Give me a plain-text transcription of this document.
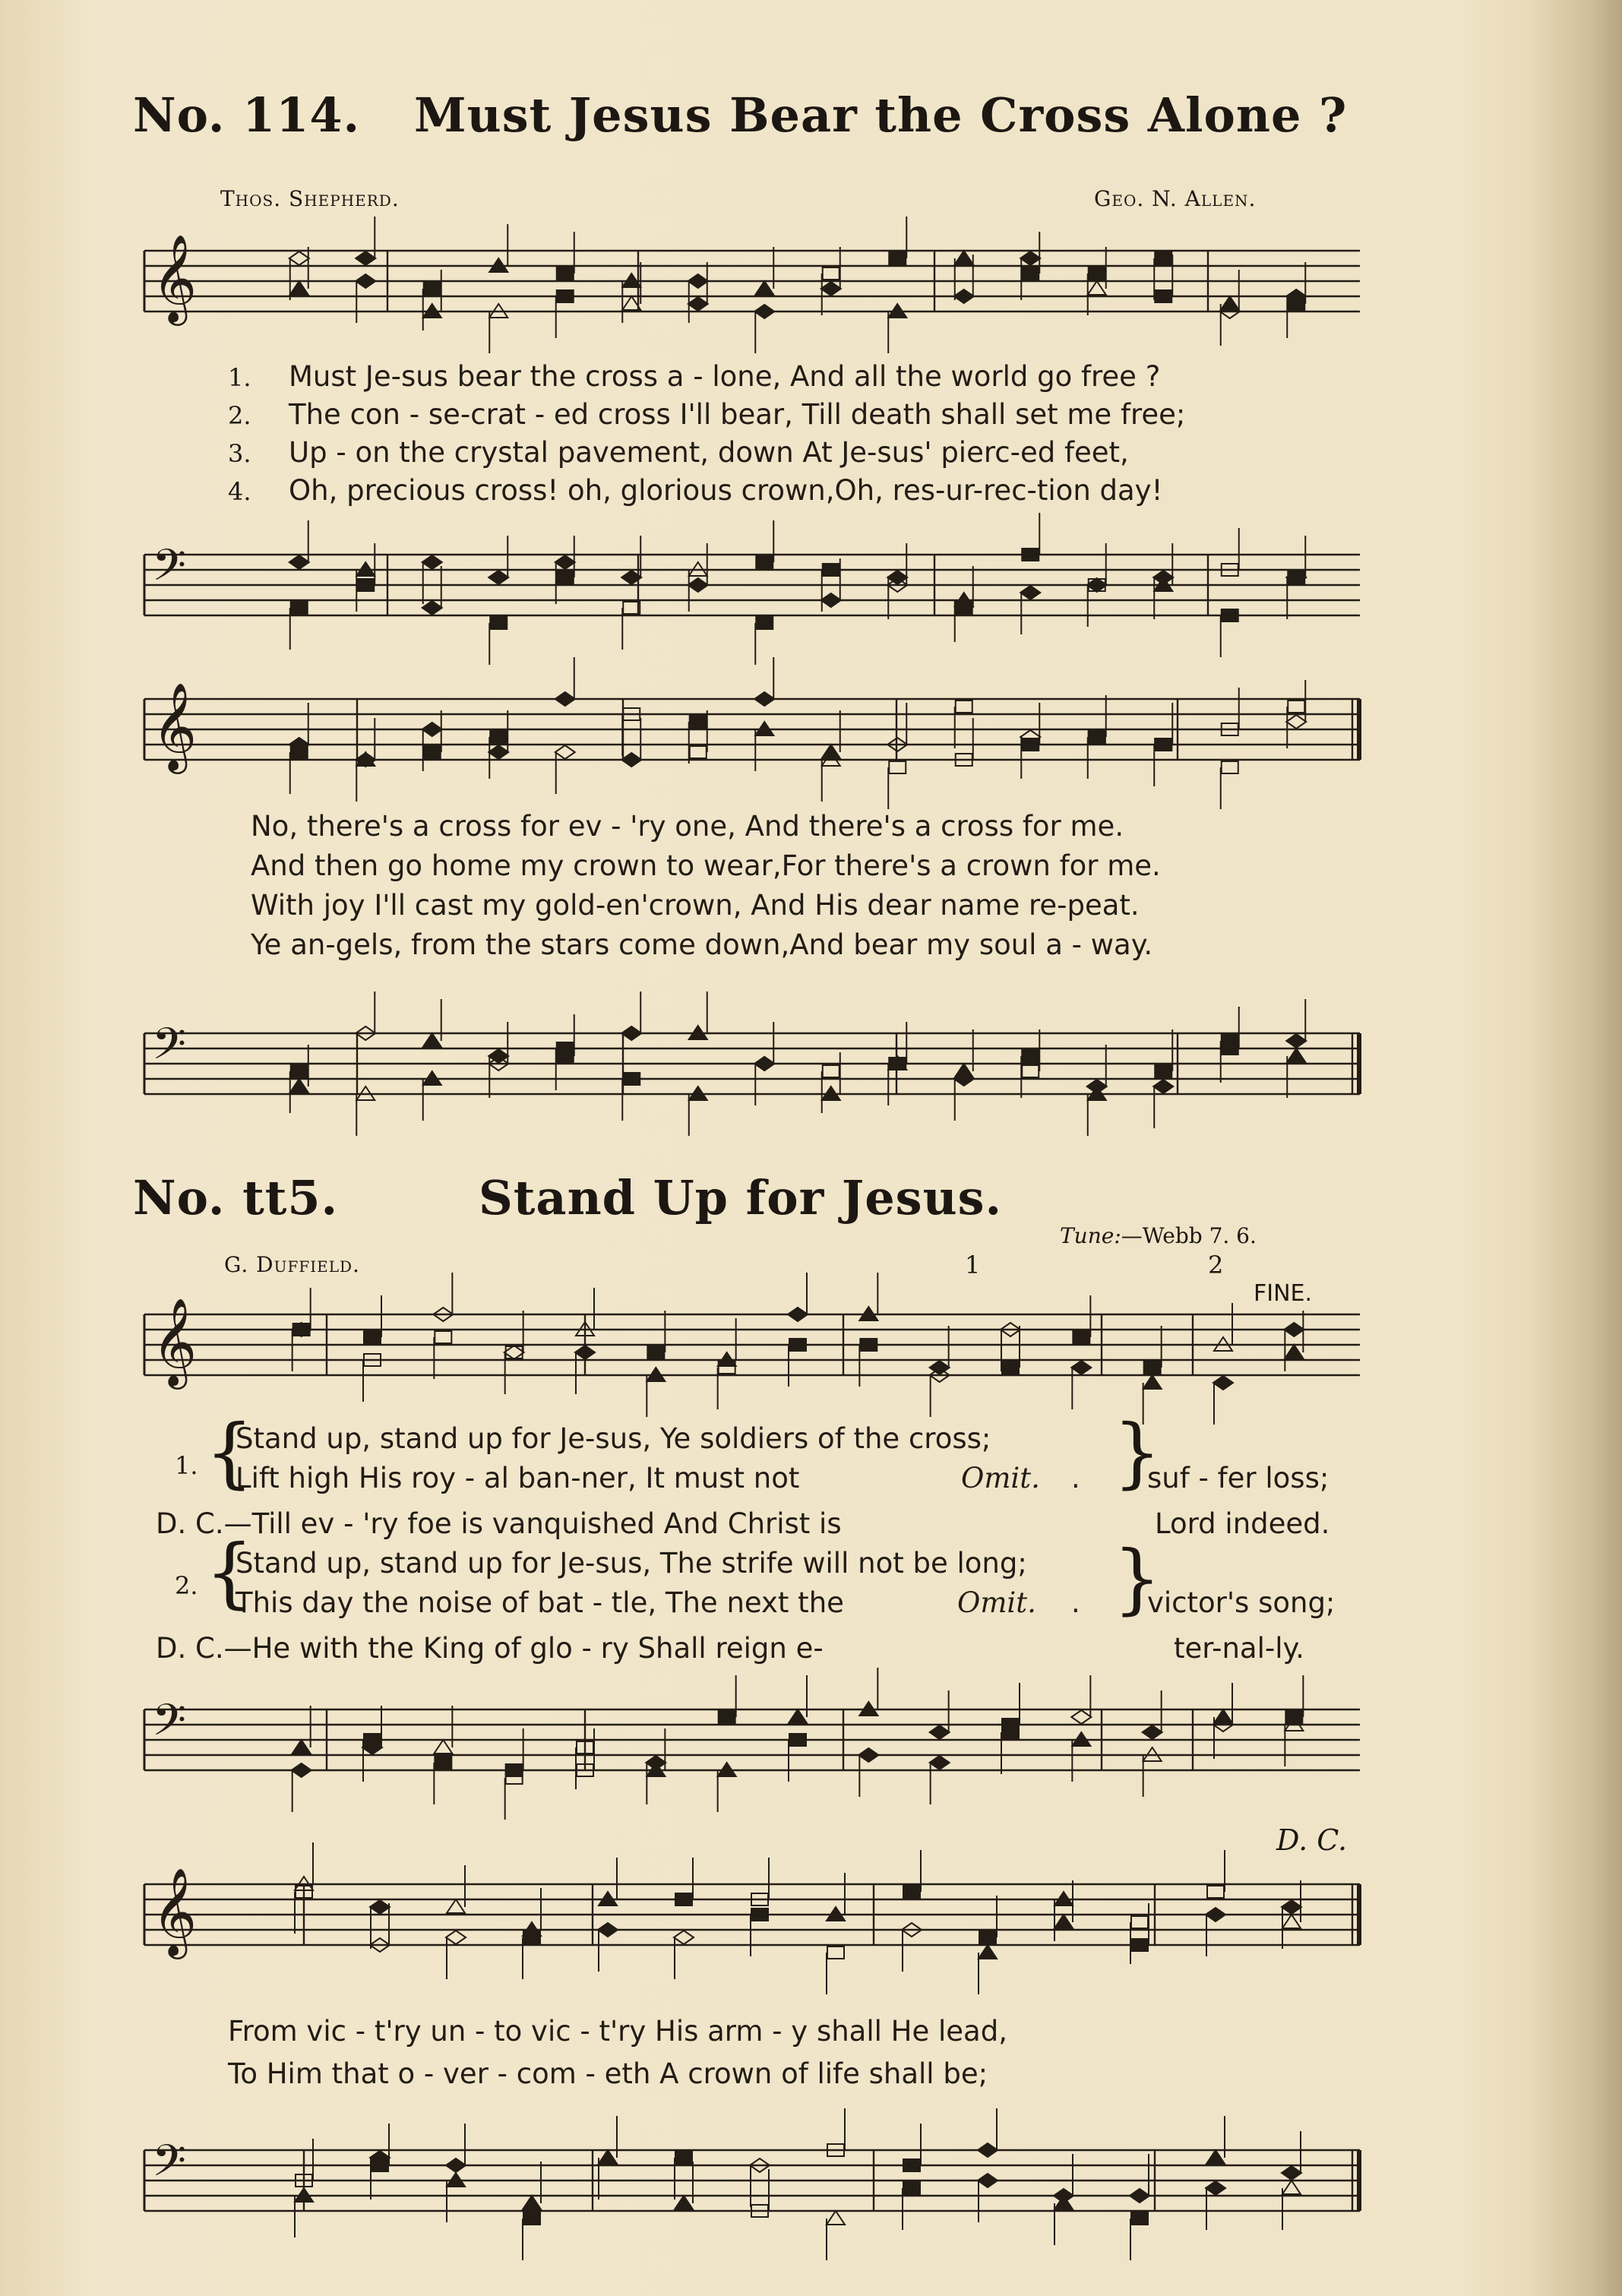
No. 114. Must Jesus Bear the Cross Alone ?
Thos. Shepherd.	Geo. N. Allen.
𝄞
𝄢
𝄞
𝄢
1. Must Je-sus bear the cross a - lone, And all the world go free ?
2. The con - se-crat - ed cross I'll bear, Till death shall set me free;
3. Up - on the crystal pavement, down At Je-sus' pierc-ed feet,
4. Oh, precious cross! oh, glorious crown,Oh, res-ur-rec-tion day!
No, there's a cross for ev - 'ry one, And there's a cross for me.
And then go home my crown to wear,For there's a crown for me.
With joy I'll cast my gold-en'crown, And His dear name re-peat.
Ye an-gels, from the stars come down,And bear my soul a - way.
No. tt5.	Stand Up for Jesus.
Tune:—Webb 7. 6.
G. Duffield.	1	2
FINE.
𝄞
1. {
Stand up, stand up for Je-sus, Ye soldiers of the cross;
Lift high His roy - al ban-ner, It must not	Omit. . }
suf - fer loss;
D. C.—Till ev - 'ry foe is vanquished And Christ is	Lord indeed.
2. {
Stand up, stand up for Je-sus, The strife will not be long;
This day the noise of bat - tle, The next the	Omit. . }
victor's song;
D. C.—He with the King of glo - ry Shall reign e-	ter-nal-ly.
𝄢
D. C.
𝄞
From vic - t'ry un - to vic - t'ry His arm - y shall He lead,
To Him that o - ver - com - eth A crown of life shall be;
𝄢
